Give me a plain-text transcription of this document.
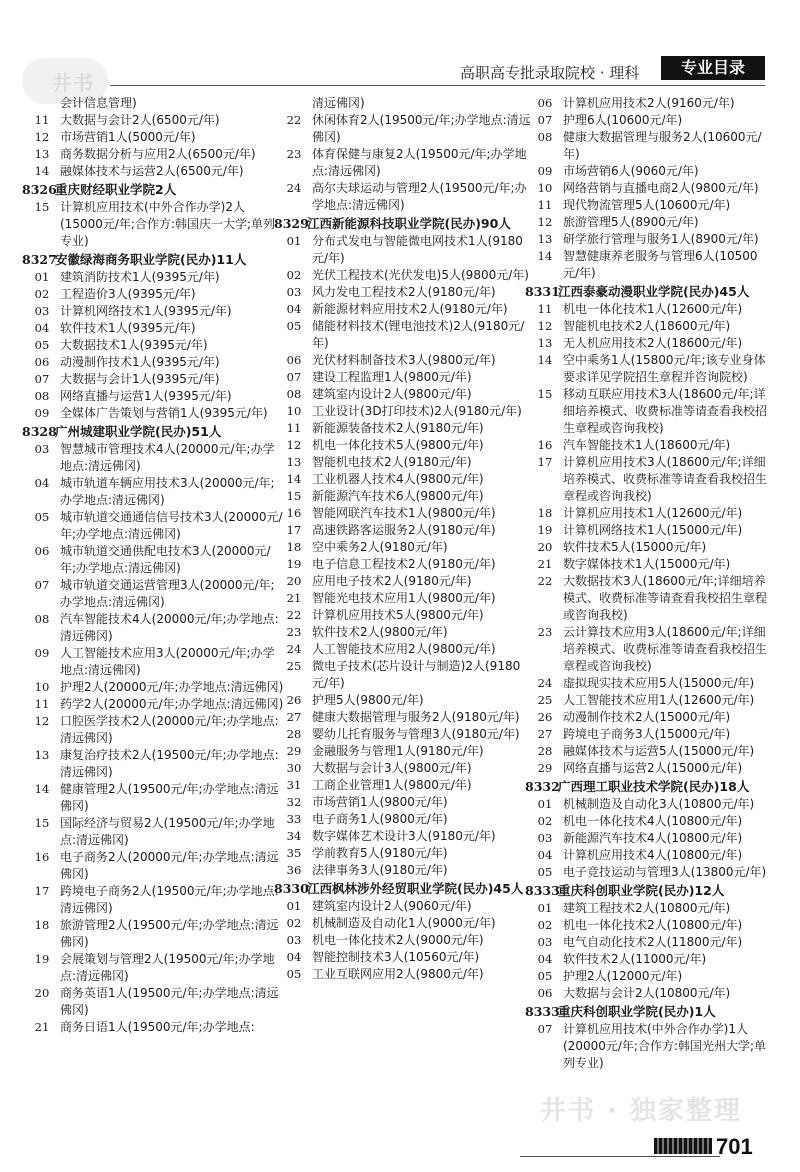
井书	高职高专批录取院校 · 理科	专业目录
会计信息管理)
11 大数据与会计2人(6500元/年)
12 市场营销1人(5000元/年)
13 商务数据分析与应用2人(6500元/年)
14 融媒体技术与运营2人(6500元/年)
8326
重庆财经职业学院2人
15 计算机应用技术(中外合作办学)2人(15000元/年;合作方:韩国庆一大学;单列专业)
8327
安徽绿海商务职业学院(民办)11人
01 建筑消防技术1人(9395元/年)
02 工程造价3人(9395元/年)
03 计算机网络技术1人(9395元/年)
04 软件技术1人(9395元/年)
05 大数据技术1人(9395元/年)
06 动漫制作技术1人(9395元/年)
07 大数据与会计1人(9395元/年)
08 网络直播与运营1人(9395元/年)
09 全媒体广告策划与营销1人(9395元/年)
8328
广州城建职业学院(民办)51人
03 智慧城市管理技术4人(20000元/年;办学地点:清远佛冈)
04 城市轨道车辆应用技术3人(20000元/年;办学地点:清远佛冈)
05 城市轨道交通通信信号技术3人(20000元/年;办学地点:清远佛冈)
06 城市轨道交通供配电技术3人(20000元/年;办学地点:清远佛冈)
07 城市轨道交通运营管理3人(20000元/年;办学地点:清远佛冈)
08 汽车智能技术4人(20000元/年;办学地点:清远佛冈)
09 人工智能技术应用3人(20000元/年;办学地点:清远佛冈)
10 护理2人(20000元/年;办学地点:清远佛冈)
11 药学2人(20000元/年;办学地点:清远佛冈)
12 口腔医学技术2人(20000元/年;办学地点:清远佛冈)
13 康复治疗技术2人(19500元/年;办学地点:清远佛冈)
14 健康管理2人(19500元/年;办学地点:清远佛冈)
15 国际经济与贸易2人(19500元/年;办学地点:清远佛冈)
16 电子商务2人(20000元/年;办学地点:清远佛冈)
17 跨境电子商务2人(19500元/年;办学地点:清远佛冈)
18 旅游管理2人(19500元/年;办学地点:清远佛冈)
19 会展策划与管理2人(19500元/年;办学地点:清远佛冈)
20 商务英语1人(19500元/年;办学地点:清远佛冈)
21 商务日语1人(19500元/年;办学地点:
清远佛冈)
22 休闲体育2人(19500元/年;办学地点:清远佛冈)
23 体育保健与康复2人(19500元/年;办学地点:清远佛冈)
24 高尔夫球运动与管理2人(19500元/年;办学地点:清远佛冈)
8329
江西新能源科技职业学院(民办)90人
01 分布式发电与智能微电网技术1人(9180元/年)
02 光伏工程技术(光伏发电)5人(9800元/年)
03 风力发电工程技术2人(9180元/年)
04 新能源材料应用技术2人(9180元/年)
05 储能材料技术(锂电池技术)2人(9180元/年)
06 光伏材料制备技术3人(9800元/年)
07 建设工程监理1人(9800元/年)
08 建筑室内设计2人(9800元/年)
10 工业设计(3D打印技术)2人(9180元/年)
11 新能源装备技术2人(9180元/年)
12 机电一体化技术5人(9800元/年)
13 智能机电技术2人(9180元/年)
14 工业机器人技术4人(9800元/年)
15 新能源汽车技术6人(9800元/年)
16 智能网联汽车技术1人(9800元/年)
17 高速铁路客运服务2人(9180元/年)
18 空中乘务2人(9180元/年)
19 电子信息工程技术2人(9180元/年)
20 应用电子技术2人(9180元/年)
21 智能光电技术应用1人(9800元/年)
22 计算机应用技术5人(9800元/年)
23 软件技术2人(9800元/年)
24 人工智能技术应用2人(9800元/年)
25 微电子技术(芯片设计与制造)2人(9180元/年)
26 护理5人(9800元/年)
27 健康大数据管理与服务2人(9180元/年)
28 婴幼儿托育服务与管理3人(9180元/年)
29 金融服务与管理1人(9180元/年)
30 大数据与会计3人(9800元/年)
31 工商企业管理1人(9800元/年)
32 市场营销1人(9800元/年)
33 电子商务1人(9800元/年)
34 数字媒体艺术设计3人(9180元/年)
35 学前教育5人(9180元/年)
36 法律事务3人(9180元/年)
8330
江西枫林涉外经贸职业学院(民办)45人
01 建筑室内设计2人(9060元/年)
02 机械制造及自动化1人(9000元/年)
03 机电一体化技术2人(9000元/年)
04 智能控制技术3人(10560元/年)
05 工业互联网应用2人(9800元/年)
06 计算机应用技术2人(9160元/年)
07 护理6人(10600元/年)
08 健康大数据管理与服务2人(10600元/年)
09 市场营销6人(9060元/年)
10 网络营销与直播电商2人(9800元/年)
11 现代物流管理5人(10600元/年)
12 旅游管理5人(8900元/年)
13 研学旅行管理与服务1人(8900元/年)
14 智慧健康养老服务与管理6人(10500元/年)
8331
江西泰豪动漫职业学院(民办)45人
11 机电一体化技术1人(12600元/年)
12 智能机电技术2人(18600元/年)
13 无人机应用技术2人(18600元/年)
14 空中乘务1人(15800元/年;该专业身体要求详见学院招生章程并咨询院校)
15 移动互联应用技术3人(18600元/年;详细培养模式、收费标准等请查看我校招生章程或咨询我校)
16 汽车智能技术1人(18600元/年)
17 计算机应用技术3人(18600元/年;详细培养模式、收费标准等请查看我校招生章程或咨询我校)
18 计算机应用技术1人(12600元/年)
19 计算机网络技术1人(15000元/年)
20 软件技术5人(15000元/年)
21 数字媒体技术1人(15000元/年)
22 大数据技术3人(18600元/年;详细培养模式、收费标准等请查看我校招生章程或咨询我校)
23 云计算技术应用3人(18600元/年;详细培养模式、收费标准等请查看我校招生章程或咨询我校)
24 虚拟现实技术应用5人(15000元/年)
25 人工智能技术应用1人(12600元/年)
26 动漫制作技术2人(15000元/年)
27 跨境电子商务3人(15000元/年)
28 融媒体技术与运营5人(15000元/年)
29 网络直播与运营2人(15000元/年)
8332
广西理工职业技术学院(民办)18人
01 机械制造及自动化3人(10800元/年)
02 机电一体化技术4人(10800元/年)
03 新能源汽车技术4人(10800元/年)
04 计算机应用技术4人(10800元/年)
05 电子竞技运动与管理3人(13800元/年)
8333
重庆科创职业学院(民办)12人
01 建筑工程技术2人(10800元/年)
02 机电一体化技术2人(10800元/年)
03 电气自动化技术2人(11800元/年)
04 软件技术2人(11000元/年)
05 护理2人(12000元/年)
06 大数据与会计2人(10800元/年)
8333
重庆科创职业学院(民办)1人
07 计算机应用技术(中外合作办学)1人(20000元/年;合作方:韩国光州大学;单列专业)
井书 · 独家整理
701
